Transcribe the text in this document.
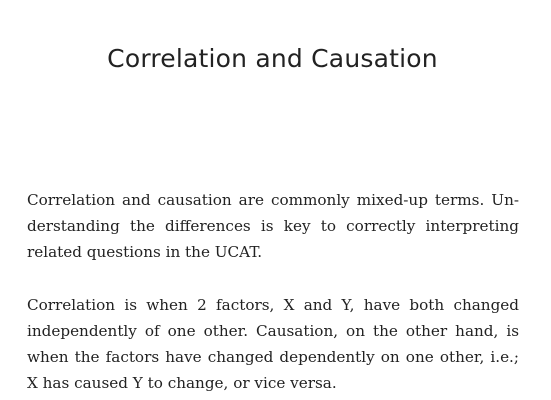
Correlation and Causation

Correlation and causation are commonly mixed-up terms. Understanding the differences is key to correctly interpreting related questions in the UCAT.

Correlation is when 2 factors, X and Y, have both changed independently of one other. Causation, on the other hand, is when the factors have changed dependently on one other, i.e.; X has caused Y to change, or vice versa.
